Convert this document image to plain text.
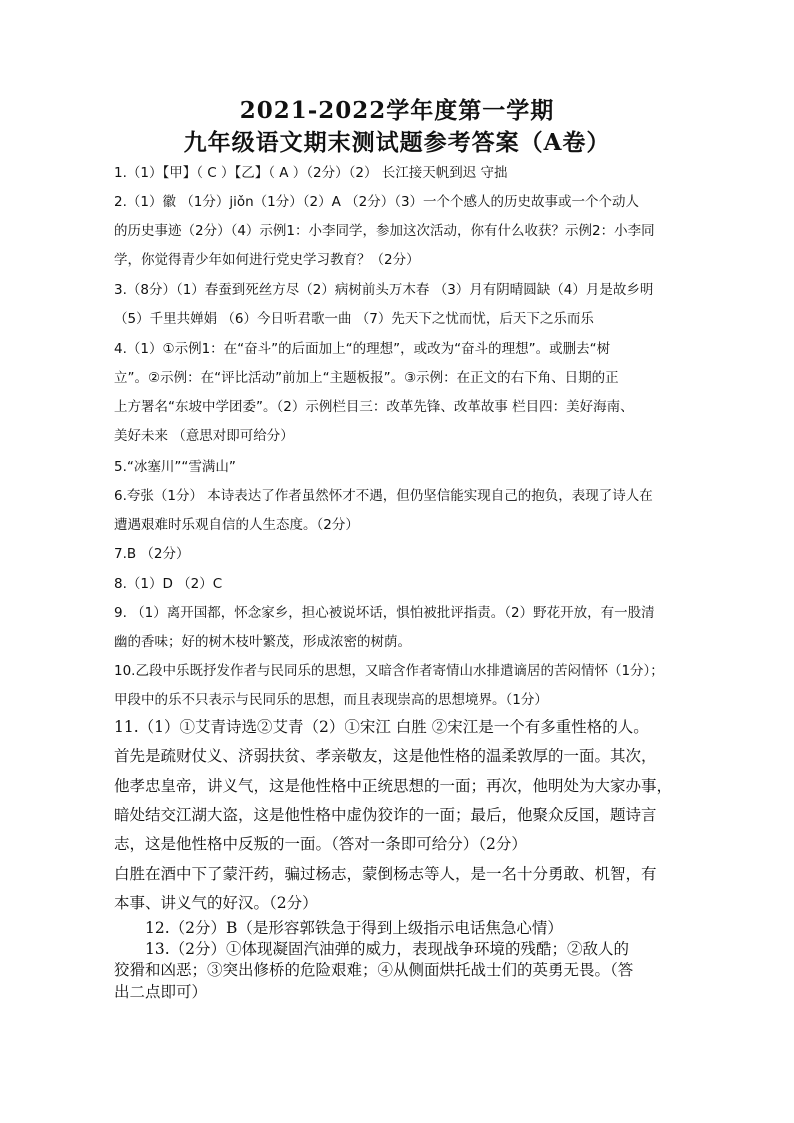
2021-2022学年度第一学期
九年级语文期末测试题参考答案（A卷）
1.（1）【甲】（ C ）【乙】（ A ）（2分）（2） 长江接天帆到迟 守拙
2.（1）徽 （1分）jiǒn（1分）（2）A （2分）（3）一个个感人的历史故事或一个个动人
的历史事迹（2分）（4）示例1：小李同学，参加这次活动，你有什么收获？示例2：小李同
学，你觉得青少年如何进行党史学习教育？（2分）
3.（8分）（1）春蚕到死丝方尽（2）病树前头万木春 （3）月有阴晴圆缺（4）月是故乡明
（5）千里共婵娟 （6）今日听君歌一曲 （7）先天下之忧而忧，后天下之乐而乐
4.（1）①示例1：在“奋斗”的后面加上“的理想”，或改为“奋斗的理想”。或删去“树
立”。②示例：在“评比活动”前加上“主题板报”。③示例：在正文的右下角、日期的正
上方署名“东坡中学团委”。（2）示例栏目三：改革先锋、改革故事 栏目四：美好海南、
美好未来 （意思对即可给分）
5.“冰塞川”“雪满山”
6.夸张（1分） 本诗表达了作者虽然怀才不遇，但仍坚信能实现自己的抱负，表现了诗人在
遭遇艰难时乐观自信的人生态度。（2分）
7.B （2分）
8.（1）D （2）C
9. （1）离开国都，怀念家乡，担心被说坏话，惧怕被批评指责。（2）野花开放，有一股清
幽的香味；好的树木枝叶繁茂，形成浓密的树荫。
10.乙段中乐既抒发作者与民同乐的思想，又暗含作者寄情山水排遣谪居的苦闷情怀（1分）；
甲段中的乐不只表示与民同乐的思想，而且表现崇高的思想境界。（1分）
11.（1）①艾青诗选②艾青（2）①宋江 白胜 ②宋江是一个有多重性格的人。
首先是疏财仗义、济弱扶贫、孝亲敬友，这是他性格的温柔敦厚的一面。其次，
他孝忠皇帝，讲义气，这是他性格中正统思想的一面；再次，他明处为大家办事，
暗处结交江湖大盗，这是他性格中虚伪狡诈的一面；最后，他聚众反国，题诗言
志，这是他性格中反叛的一面。（答对一条即可给分）（2分）
白胜在酒中下了蒙汗药，骗过杨志，蒙倒杨志等人，是一名十分勇敢、机智，有
本事、讲义气的好汉。（2分）
12.（2分）B（是形容郭铁急于得到上级指示电话焦急心情）
13.（2分）①体现凝固汽油弹的威力，表现战争环境的残酷；②敌人的
狡猾和凶恶；③突出修桥的危险艰难；④从侧面烘托战士们的英勇无畏。（答
出二点即可）
